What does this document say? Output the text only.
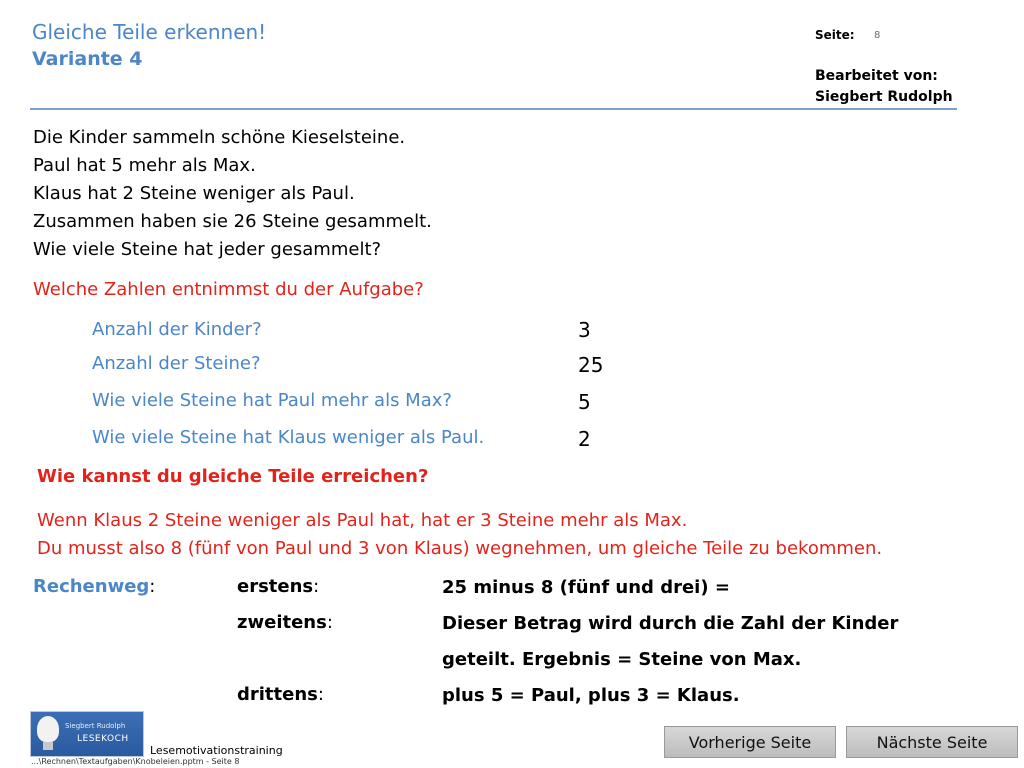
Gleiche Teile erkennen!
Variante 4
Seite: 8
Bearbeitet von:
Siegbert Rudolph
Die Kinder sammeln schöne Kieselsteine.
Paul hat 5 mehr als Max.
Klaus hat 2 Steine weniger als Paul.
Zusammen haben sie 26 Steine gesammelt.
Wie viele Steine hat jeder gesammelt?
Welche Zahlen entnimmst du der Aufgabe?
Anzahl der Kinder?	3
Anzahl der Steine?	25
Wie viele Steine hat Paul mehr als Max?	5
Wie viele Steine hat Klaus weniger als Paul.	2
Wie kannst du gleiche Teile erreichen?
Wenn Klaus 2 Steine weniger als Paul hat, hat er 3 Steine mehr als Max.
Du musst also 8 (fünf von Paul und 3 von Klaus) wegnehmen, um gleiche Teile zu bekommen.
Rechenweg:	erstens:	25 minus 8 (fünf und drei) =
zweitens:	Dieser Betrag wird durch die Zahl der Kinder
geteilt. Ergebnis = Steine von Max.
drittens:	plus 5 = Paul, plus 3 = Klaus.
Siegbert Rudolph
LESEKOCH
Lesemotivationstraining
...\Rechnen\Textaufgaben\Knobeleien.pptm - Seite 8
Vorherige Seite	Nächste Seite
